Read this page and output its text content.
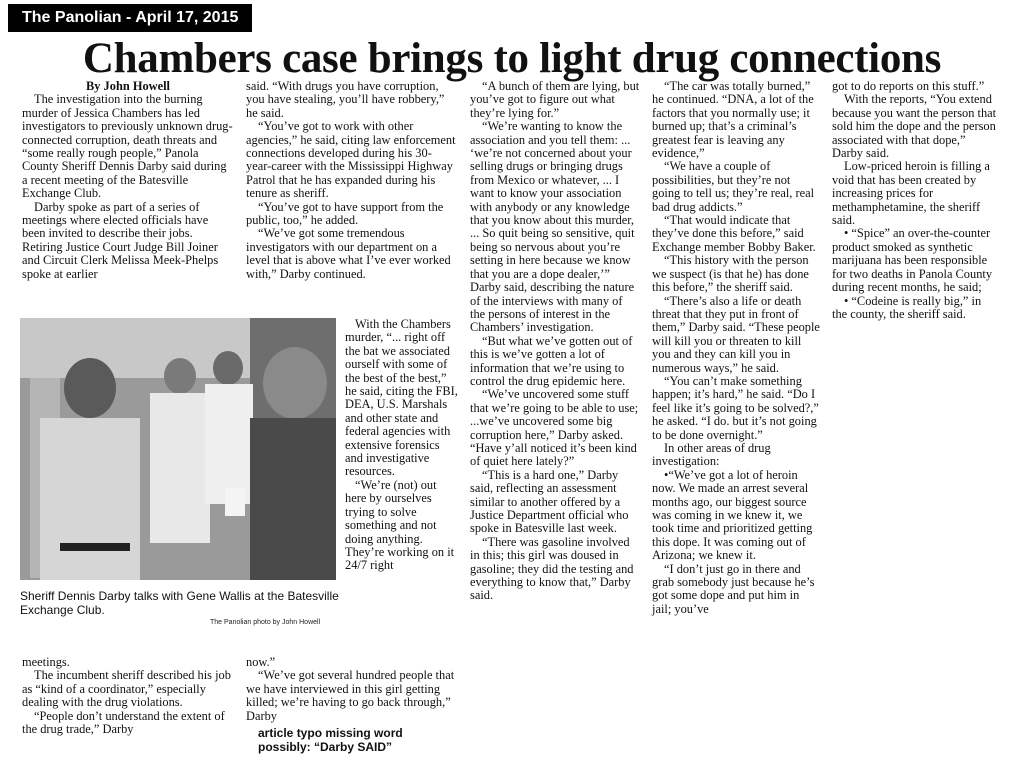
The Panolian - April 17, 2015
Chambers case brings to light drug connections

By John Howell

The investigation into the burning murder of Jessica Chambers has led investigators to previously unknown drug-connected corruption, death threats and “some really rough people,” Panola County Sheriff Dennis Darby said during a recent meeting of the Batesville Exchange Club.

Darby spoke as part of a series of meetings where elected officials have been invited to describe their jobs. Retiring Justice Court Judge Bill Joiner and Circuit Clerk Melissa Meek-Phelps spoke at earlier

said. “With drugs you have corruption, you have stealing, you’ll have robbery,” he said.

“You’ve got to work with other agencies,” he said, citing law enforcement connections developed during his 30-year-career with the Mississippi Highway Patrol that he has expanded during his tenure as sheriff.

“You’ve got to have support from the public, too,” he added.

“We’ve got some tremendous investigators with our department on a level that is above what I’ve ever worked with,” Darby continued.

Sheriff Dennis Darby talks with Gene Wallis at the Batesville Exchange Club.
The Panolian photo by John Howell

With the Chambers murder, “... right off the bat we associated ourself with some of the best of the best,” he said, citing the FBI, DEA, U.S. Marshals and other state and federal agencies with extensive forensics and investigative resources.

“We’re (not) out here by ourselves trying to solve something and not doing anything. They’re working on it 24/7 right

meetings.

The incumbent sheriff described his job as “kind of a coordinator,” especially dealing with the drug violations.

“People don’t understand the extent of the drug trade,” Darby

now.”

“We’ve got several hundred people that we have interviewed in this girl getting killed; we’re having to go back through,” Darby

article typo missing word possibly: “Darby SAID”

“A bunch of them are lying, but you’ve got to figure out what they’re lying for.”

“We’re wanting to know the association and you tell them: ... ‘we’re not concerned about your selling drugs or bringing drugs from Mexico or whatever, ... I want to know your association with anybody or any knowledge that you know about this murder, ... So quit being so sensitive, quit being so nervous about you’re setting in here because we know that you are a dope dealer,’” Darby said, describing the nature of the interviews with many of the persons of interest in the Chambers’ investigation.

“But what we’ve gotten out of this is we’ve gotten a lot of information that we’re using to control the drug epidemic here.

“We’ve uncovered some stuff that we’re going to be able to use; ...we’ve uncovered some big corruption here,” Darby asked. “Have y’all noticed it’s been kind of quiet here lately?”

“This is a hard one,” Darby said, reflecting an assessment similar to another offered by a Justice Department official who spoke in Batesville last week.

“There was gasoline involved in this; this girl was doused in gasoline; they did the testing and everything to know that,” Darby said.

“The car was totally burned,” he continued. “DNA, a lot of the factors that you normally use; it burned up; that’s a criminal’s greatest fear is leaving any evidence,”

“We have a couple of possibilities, but they’re not going to tell us; they’re real, real bad drug addicts.”

“That would indicate that they’ve done this before,” said Exchange member Bobby Baker.

“This history with the person we suspect (is that he) has done this before,” the sheriff said.

“There’s also a life or death threat that they put in front of them,” Darby said. “These people will kill you or threaten to kill you and they can kill you in numerous ways,” he said.

“You can’t make something happen; it’s hard,” he said. “Do I feel like it’s going to be solved?,” he asked. “I do. but it’s not going to be done overnight.”

In other areas of drug investigation:

•“We’ve got a lot of heroin now. We made an arrest several months ago, our biggest source was coming in we knew it, we took time and prioritized getting this dope. It was coming out of Arizona; we knew it.

“I don’t just go in there and grab somebody just because he’s got some dope and put him in jail; you’ve

got to do reports on this stuff.”

With the reports, “You extend because you want the person that sold him the dope and the person associated with that dope,” Darby said.

Low-priced heroin is filling a void that has been created by increasing prices for methamphetamine, the sheriff said.

• “Spice” an over-the-counter product smoked as synthetic marijuana has been responsible for two deaths in Panola County during recent months, he said;

• “Codeine is really big,” in the county, the sheriff said.
